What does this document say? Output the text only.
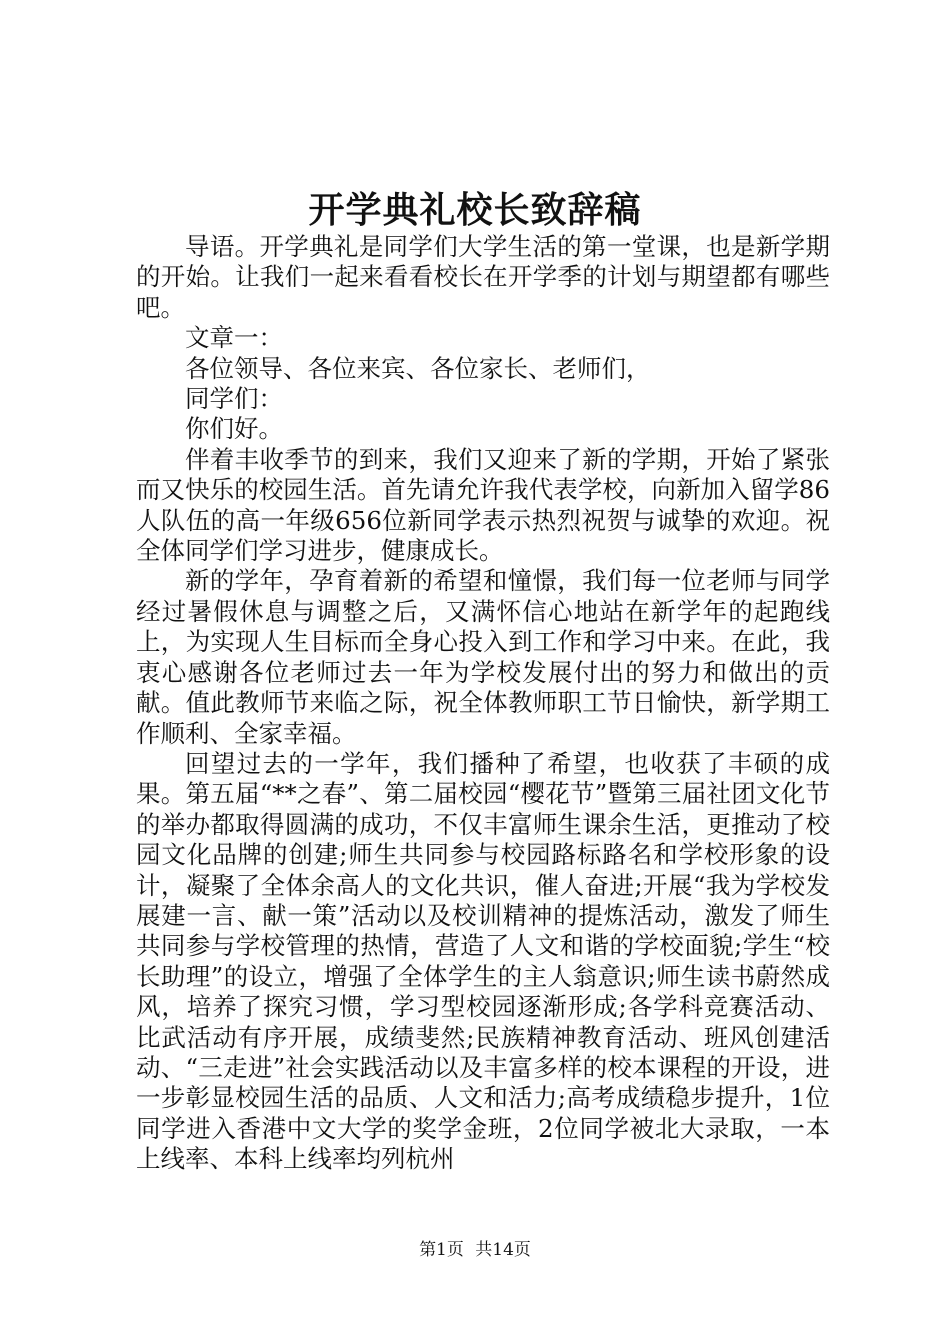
开学典礼校长致辞稿

导语。开学典礼是同学们大学生活的第一堂课，也是新学期的开始。让我们一起来看看校长在开学季的计划与期望都有哪些吧。

文章一：

各位领导、各位来宾、各位家长、老师们，

同学们：

你们好。

伴着丰收季节的到来，我们又迎来了新的学期，开始了紧张而又快乐的校园生活。首先请允许我代表学校，向新加入留学86人队伍的高一年级656位新同学表示热烈祝贺与诚挚的欢迎。祝全体同学们学习进步，健康成长。

新的学年，孕育着新的希望和憧憬，我们每一位老师与同学经过暑假休息与调整之后，又满怀信心地站在新学年的起跑线上，为实现人生目标而全身心投入到工作和学习中来。在此，我衷心感谢各位老师过去一年为学校发展付出的努力和做出的贡献。值此教师节来临之际，祝全体教师职工节日愉快，新学期工作顺利、全家幸福。

回望过去的一学年，我们播种了希望，也收获了丰硕的成果。第五届“**之春”、第二届校园“樱花节”暨第三届社团文化节的举办都取得圆满的成功，不仅丰富师生课余生活，更推动了校园文化品牌的创建;师生共同参与校园路标路名和学校形象的设计，凝聚了全体余高人的文化共识，催人奋进;开展“我为学校发展建一言、献一策”活动以及校训精神的提炼活动，激发了师生共同参与学校管理的热情，营造了人文和谐的学校面貌;学生“校长助理”的设立，增强了全体学生的主人翁意识;师生读书蔚然成风，培养了探究习惯，学习型校园逐渐形成;各学科竞赛活动、比武活动有序开展，成绩斐然;民族精神教育活动、班风创建活动、“三走进”社会实践活动以及丰富多样的校本课程的开设，进一步彰显校园生活的品质、人文和活力;高考成绩稳步提升，1位同学进入香港中文大学的奖学金班，2位同学被北大录取，一本上线率、本科上线率均列杭州

第1页 共14页
